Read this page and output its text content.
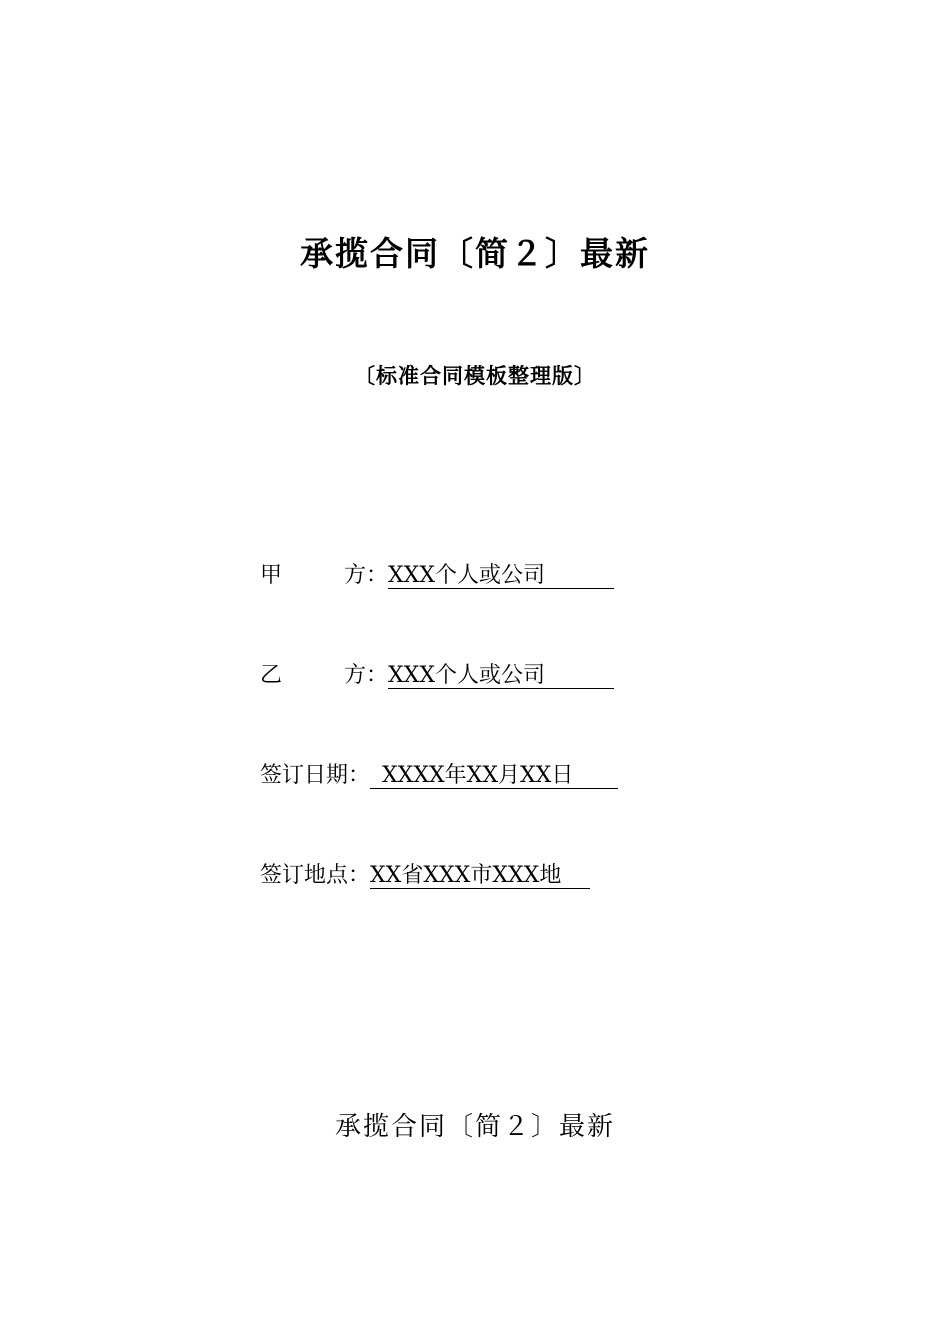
承揽合同〔简２〕最新
〔标准合同模板整理版〕
甲	方： XXX个人或公司
乙	方： XXX个人或公司
签订日期： XXXX年XX月XX日
签订地点：XX省XXX市XXX地
承揽合同〔简２〕最新
